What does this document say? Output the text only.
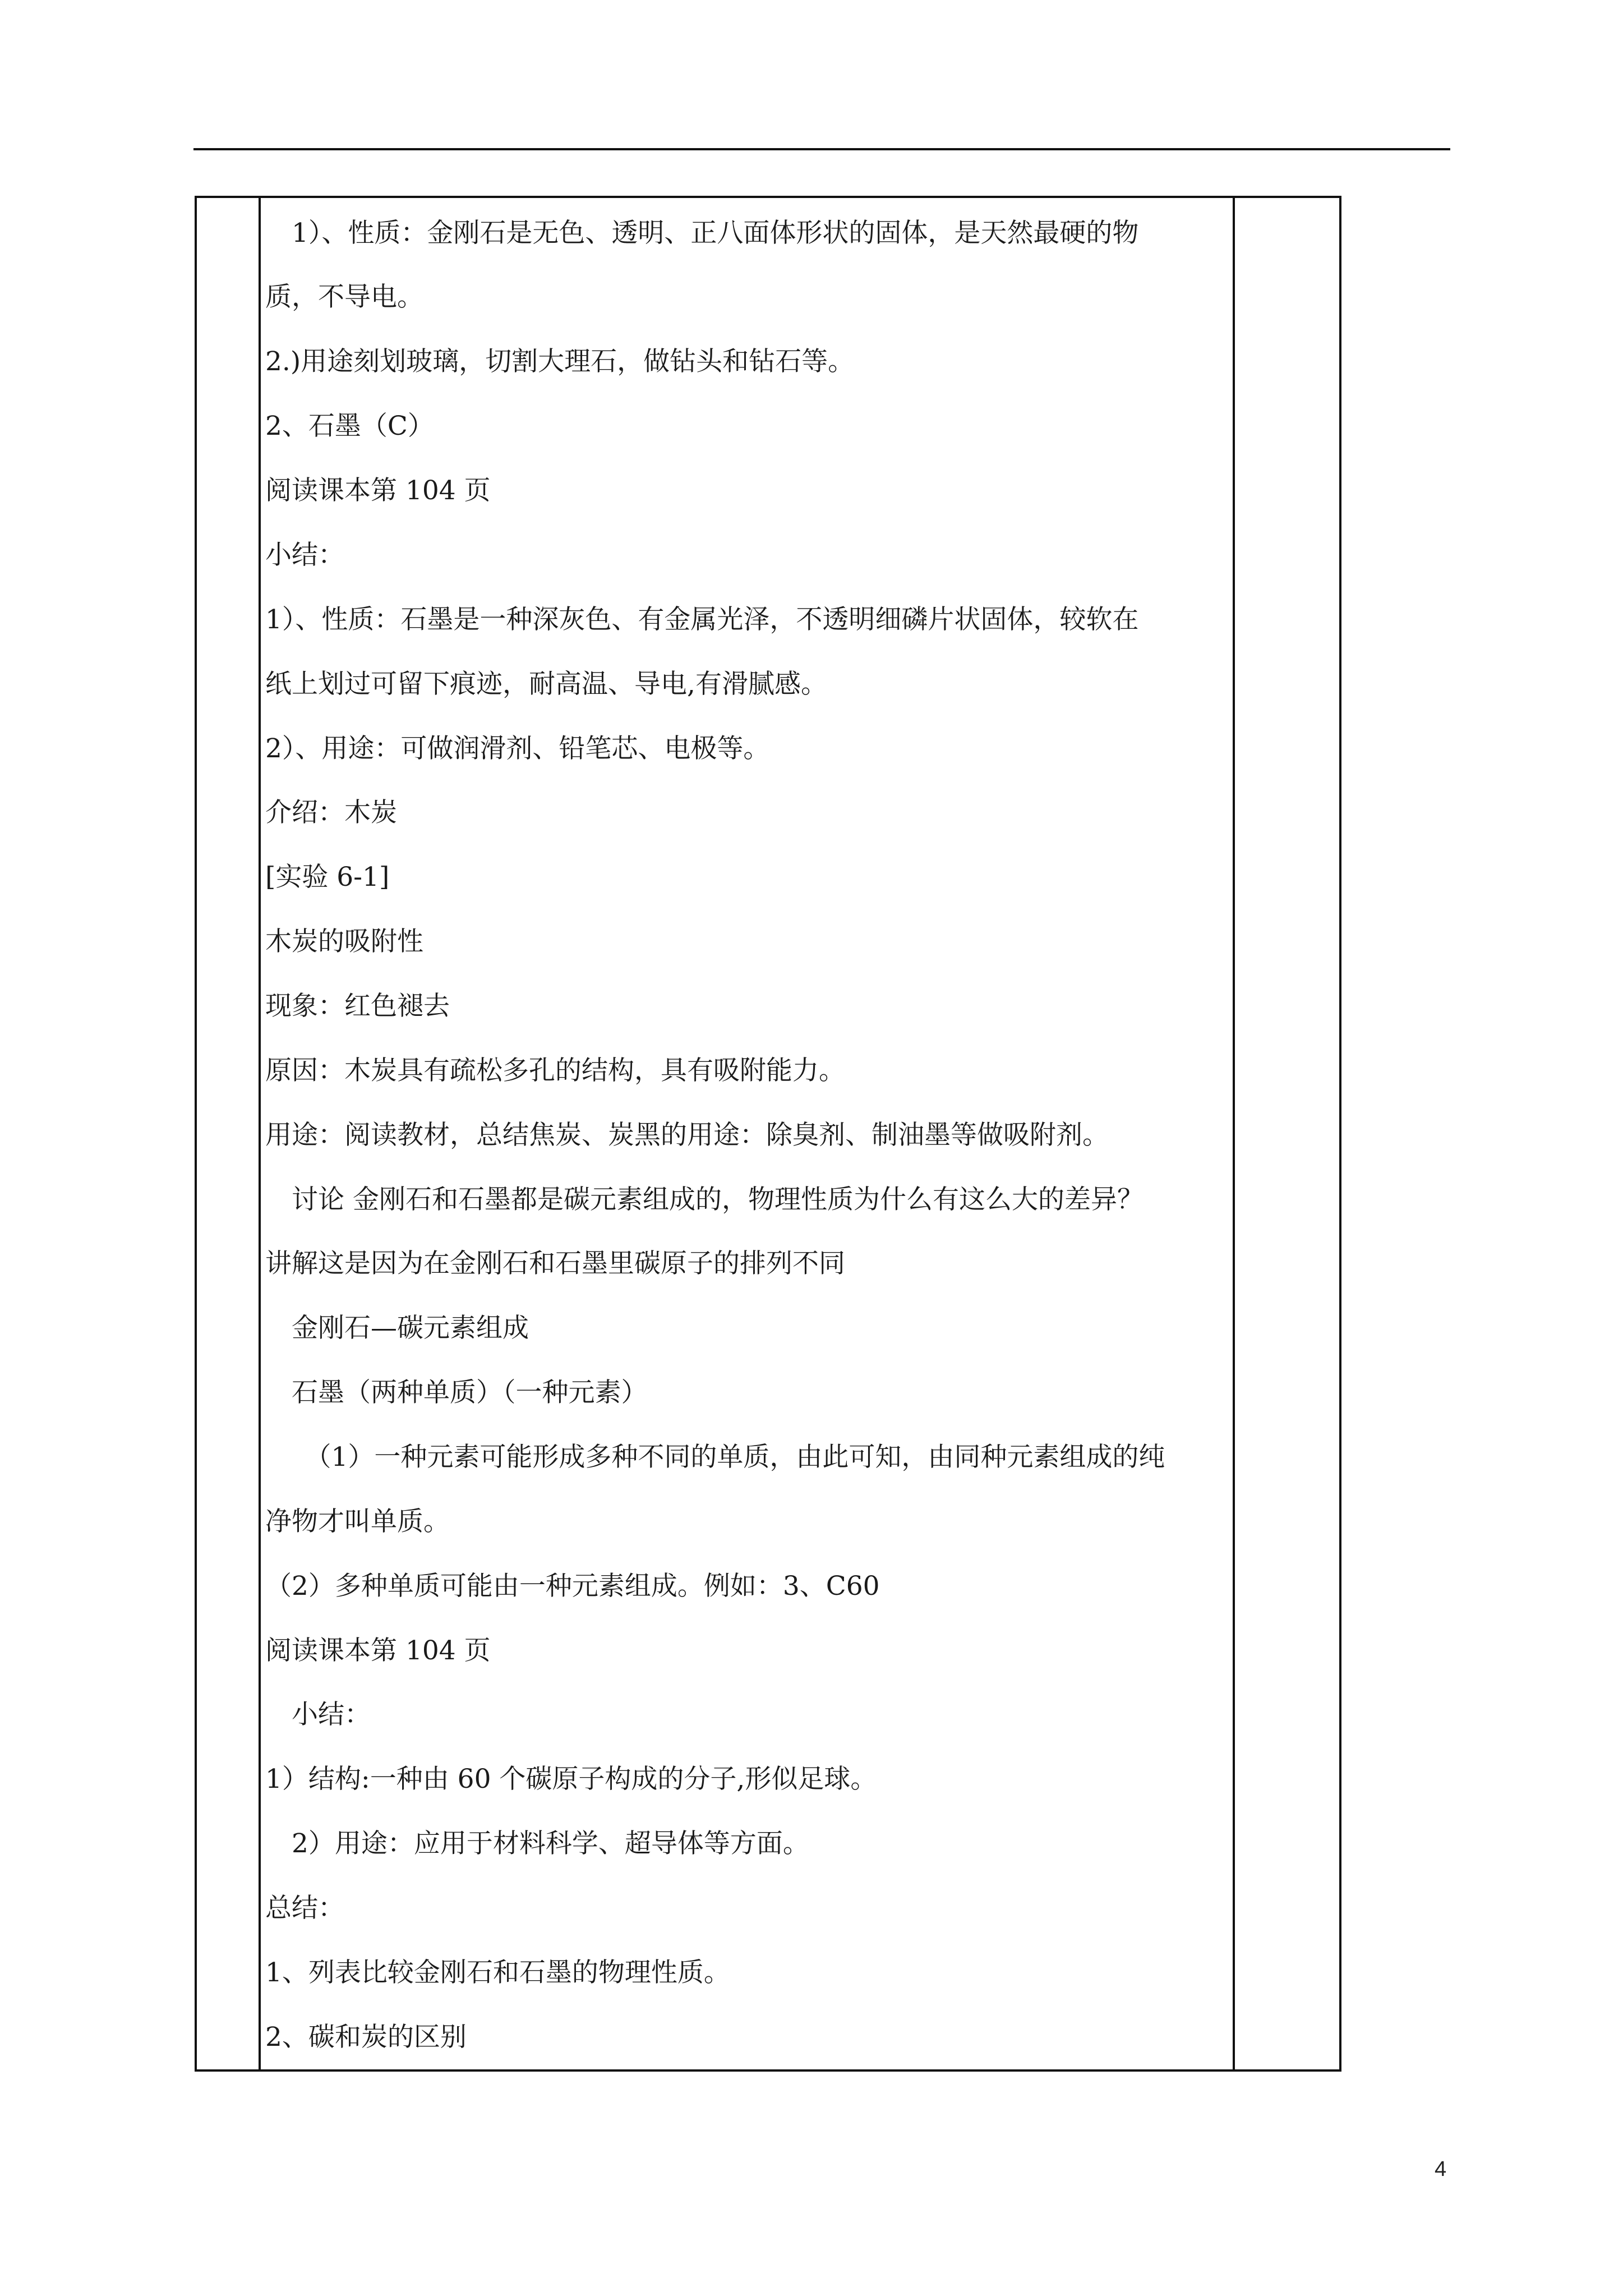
　1）、性质：金刚石是无色、透明、正八面体形状的固体，是天然最硬的物
质，不导电。
2.)用途刻划玻璃，切割大理石，做钻头和钻石等。
2、石墨（C）
阅读课本第 104 页
小结：
1）、性质：石墨是一种深灰色、有金属光泽，不透明细磷片状固体，较软在
纸上划过可留下痕迹，耐高温、导电,有滑腻感。
2）、用途：可做润滑剂、铅笔芯、电极等。
介绍：木炭
[实验 6-1]
木炭的吸附性
现象：红色褪去
原因：木炭具有疏松多孔的结构，具有吸附能力。
用途：阅读教材，总结焦炭、炭黑的用途：除臭剂、制油墨等做吸附剂。
　讨论 金刚石和石墨都是碳元素组成的，物理性质为什么有这么大的差异？
讲解这是因为在金刚石和石墨里碳原子的排列不同
　金刚石—碳元素组成
　石墨（两种单质）（一种元素）
　　（1）一种元素可能形成多种不同的单质，由此可知，由同种元素组成的纯
净物才叫单质。
（2）多种单质可能由一种元素组成。例如：3、C60
阅读课本第 104 页
　小结：
1）结构:一种由 60 个碳原子构成的分子,形似足球。
　2）用途：应用于材料科学、超导体等方面。
总结：
1、列表比较金刚石和石墨的物理性质。
2、碳和炭的区别
4
